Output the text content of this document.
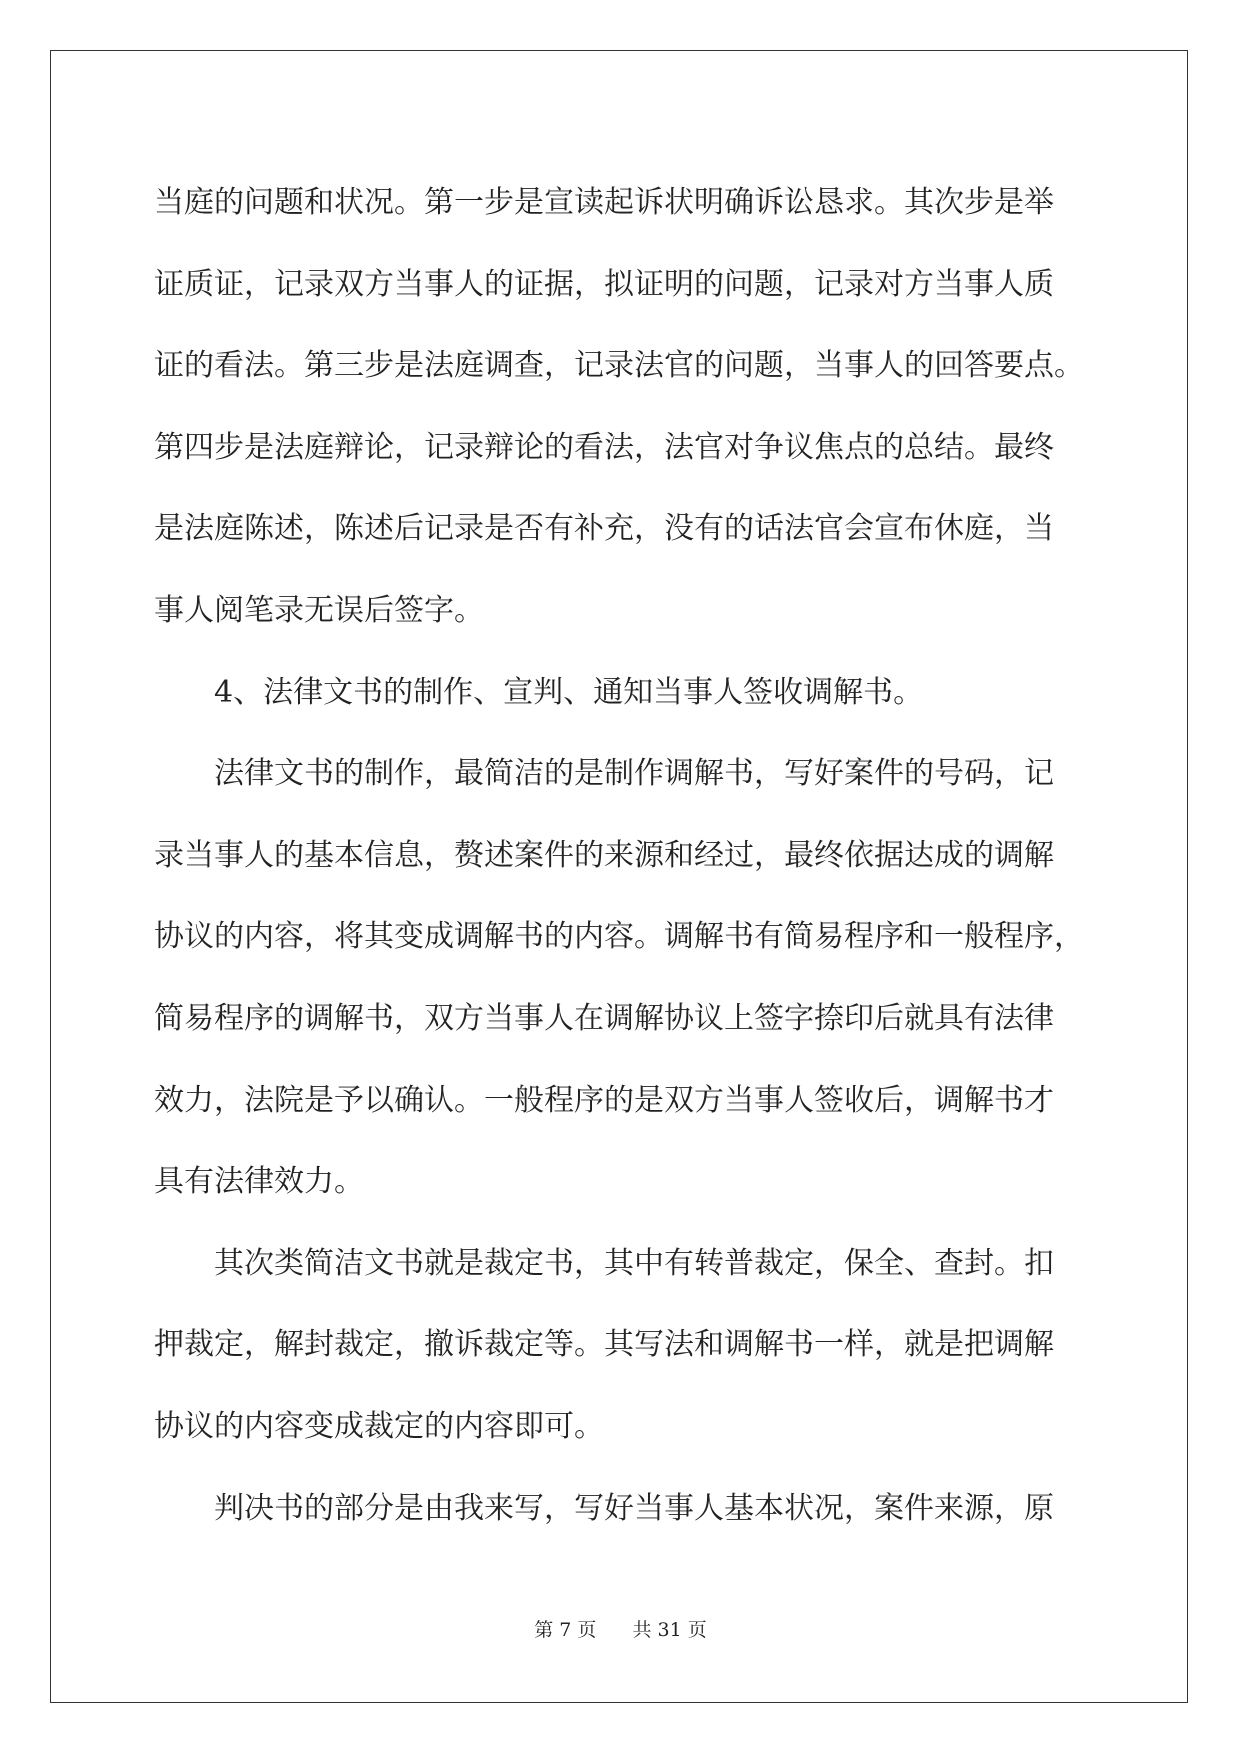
当庭的问题和状况。第一步是宣读起诉状明确诉讼恳求。其次步是举
证质证，记录双方当事人的证据，拟证明的问题，记录对方当事人质
证的看法。第三步是法庭调查，记录法官的问题，当事人的回答要点。
第四步是法庭辩论，记录辩论的看法，法官对争议焦点的总结。最终
是法庭陈述，陈述后记录是否有补充，没有的话法官会宣布休庭，当
事人阅笔录无误后签字。
　　4、法律文书的制作、宣判、通知当事人签收调解书。
　　法律文书的制作，最简洁的是制作调解书，写好案件的号码，记
录当事人的基本信息，赘述案件的来源和经过，最终依据达成的调解
协议的内容，将其变成调解书的内容。调解书有简易程序和一般程序，
简易程序的调解书，双方当事人在调解协议上签字捺印后就具有法律
效力，法院是予以确认。一般程序的是双方当事人签收后，调解书才
具有法律效力。
　　其次类简洁文书就是裁定书，其中有转普裁定，保全、查封。扣
押裁定，解封裁定，撤诉裁定等。其写法和调解书一样，就是把调解
协议的内容变成裁定的内容即可。
　　判决书的部分是由我来写，写好当事人基本状况，案件来源，原
第 7 页 共 31 页
